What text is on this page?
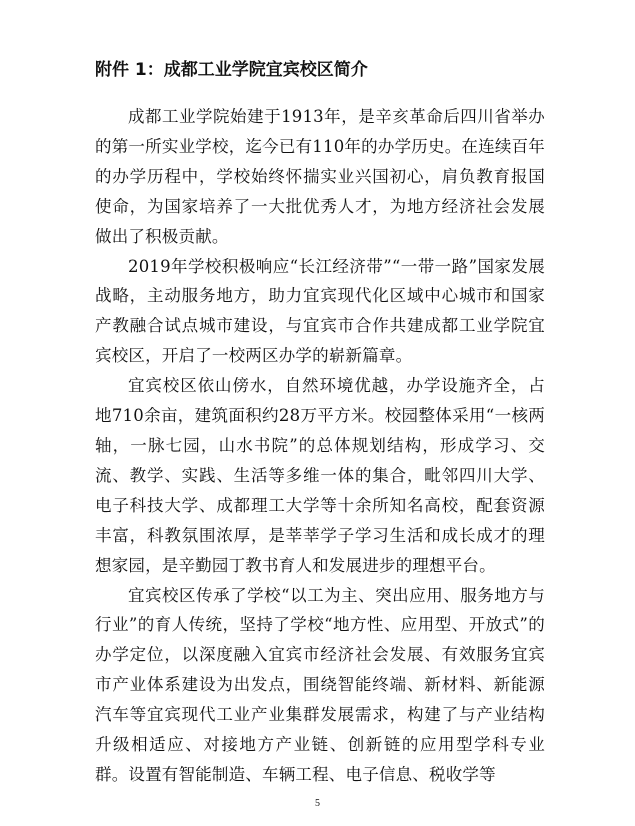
附件 1：成都工业学院宜宾校区简介

成都工业学院始建于1913年，是辛亥革命后四川省举办的第一所实业学校，迄今已有110年的办学历史。在连续百年的办学历程中，学校始终怀揣实业兴国初心，肩负教育报国使命，为国家培养了一大批优秀人才，为地方经济社会发展做出了积极贡献。

2019年学校积极响应“长江经济带”“一带一路”国家发展战略，主动服务地方，助力宜宾现代化区域中心城市和国家产教融合试点城市建设，与宜宾市合作共建成都工业学院宜宾校区，开启了一校两区办学的崭新篇章。

宜宾校区依山傍水，自然环境优越，办学设施齐全，占地710余亩，建筑面积约28万平方米。校园整体采用“一核两轴，一脉七园，山水书院”的总体规划结构，形成学习、交流、教学、实践、生活等多维一体的集合，毗邻四川大学、电子科技大学、成都理工大学等十余所知名高校，配套资源丰富，科教氛围浓厚，是莘莘学子学习生活和成长成才的理想家园，是辛勤园丁教书育人和发展进步的理想平台。

宜宾校区传承了学校“以工为主、突出应用、服务地方与行业”的育人传统，坚持了学校“地方性、应用型、开放式”的办学定位，以深度融入宜宾市经济社会发展、有效服务宜宾市产业体系建设为出发点，围绕智能终端、新材料、新能源汽车等宜宾现代工业产业集群发展需求，构建了与产业结构升级相适应、对接地方产业链、创新链的应用型学科专业群。设置有智能制造、车辆工程、电子信息、税收学等

5
